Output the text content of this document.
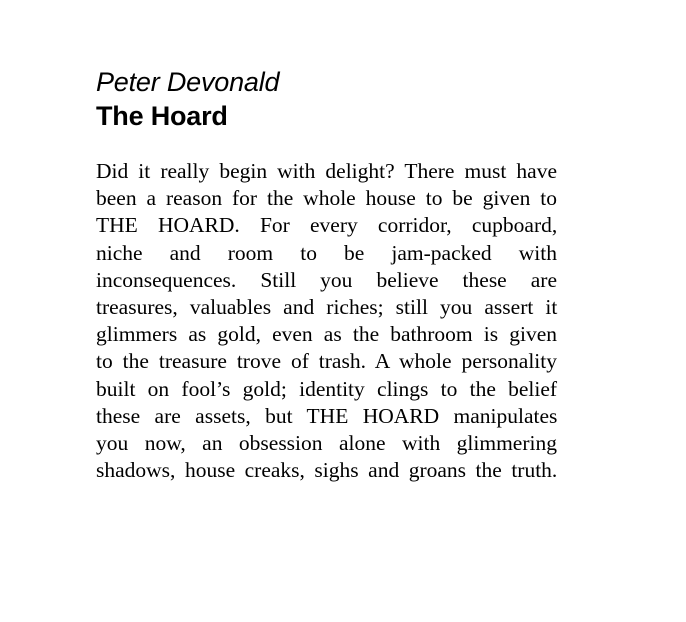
Peter Devonald

The Hoard
Did it really begin with delight? There must have
been a reason for the whole house to be given to
THE HOARD. For every corridor, cupboard,
niche and room to be jam-packed with
inconsequences. Still you believe these are
treasures, valuables and riches; still you assert it
glimmers as gold, even as the bathroom is given
to the treasure trove of trash. A whole personality
built on fool’s gold; identity clings to the belief
these are assets, but THE HOARD manipulates
you now, an obsession alone with glimmering
shadows, house creaks, sighs and groans the truth.
